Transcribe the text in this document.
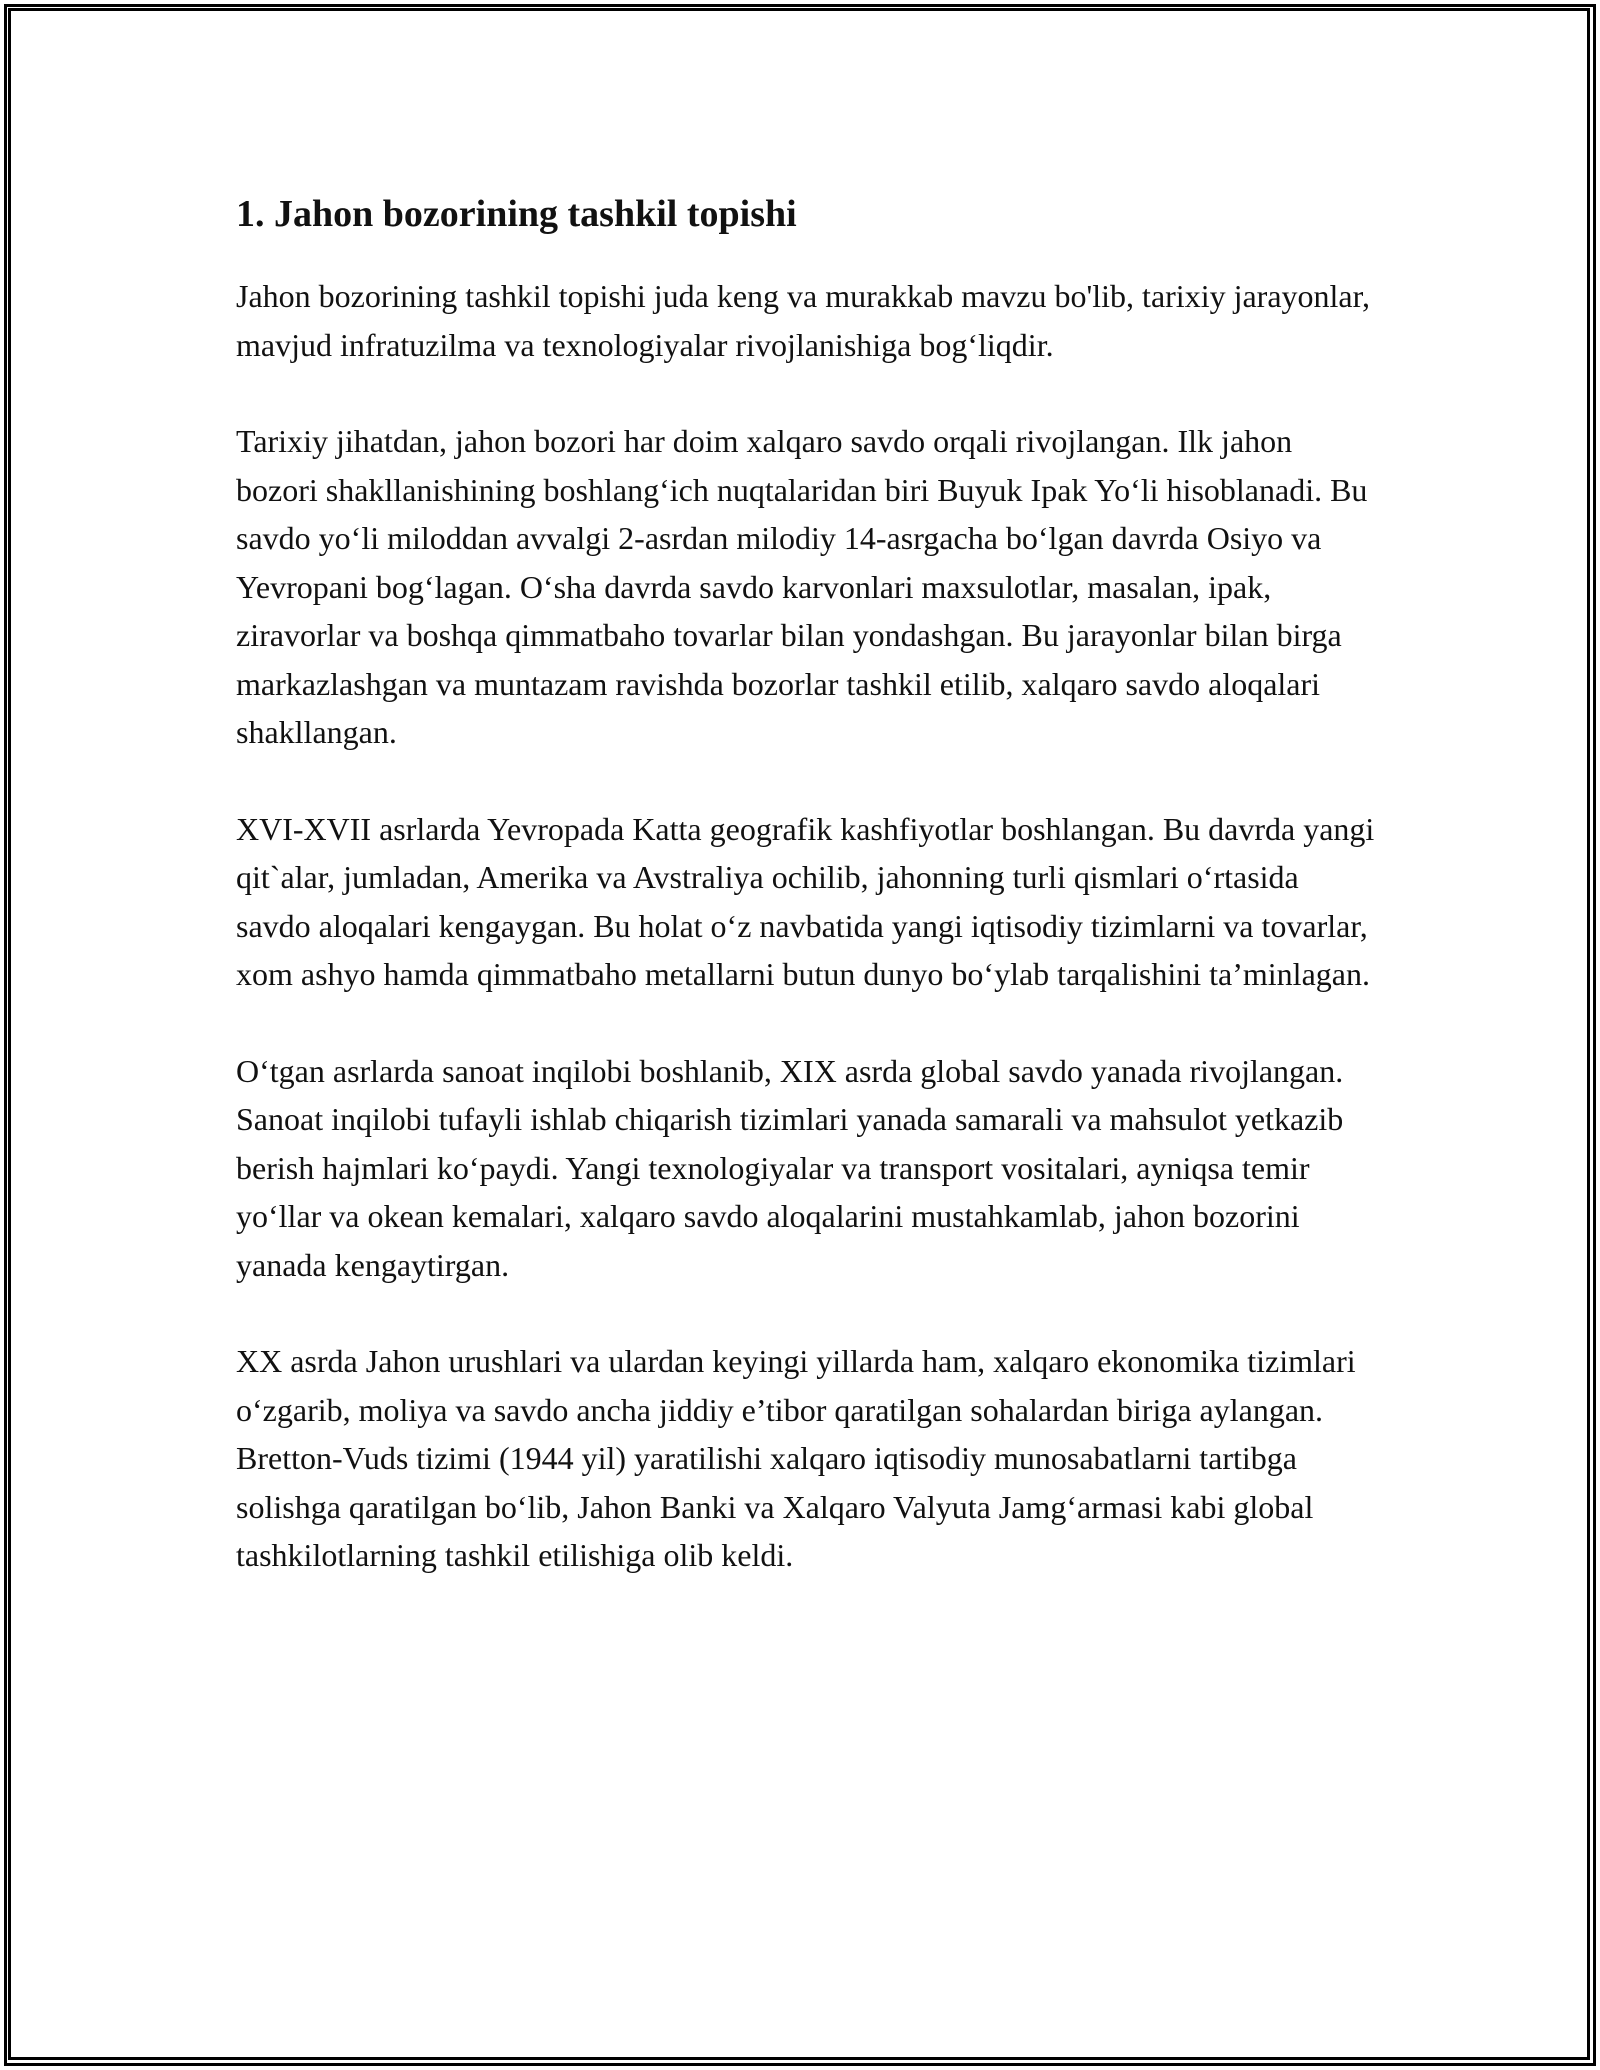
1. Jahon bozorining tashkil topishi

Jahon bozorining tashkil topishi juda keng va murakkab mavzu bo'lib, tarixiy jarayonlar, mavjud infratuzilma va texnologiyalar rivojlanishiga bog‘liqdir.

Tarixiy jihatdan, jahon bozori har doim xalqaro savdo orqali rivojlangan. Ilk jahon bozori shakllanishining boshlang‘ich nuqtalaridan biri Buyuk Ipak Yo‘li hisoblanadi. Bu savdo yo‘li miloddan avvalgi 2-asrdan milodiy 14-asrgacha bo‘lgan davrda Osiyo va Yevropani bog‘lagan. O‘sha davrda savdo karvonlari maxsulotlar, masalan, ipak, ziravorlar va boshqa qimmatbaho tovarlar bilan yondashgan. Bu jarayonlar bilan birga markazlashgan va muntazam ravishda bozorlar tashkil etilib, xalqaro savdo aloqalari shakllangan.

XVI-XVII asrlarda Yevropada Katta geografik kashfiyotlar boshlangan. Bu davrda yangi qit`alar, jumladan, Amerika va Avstraliya ochilib, jahonning turli qismlari o‘rtasida savdo aloqalari kengaygan. Bu holat o‘z navbatida yangi iqtisodiy tizimlarni va tovarlar, xom ashyo hamda qimmatbaho metallarni butun dunyo bo‘ylab tarqalishini ta’minlagan.

O‘tgan asrlarda sanoat inqilobi boshlanib, XIX asrda global savdo yanada rivojlangan. Sanoat inqilobi tufayli ishlab chiqarish tizimlari yanada samarali va mahsulot yetkazib berish hajmlari ko‘paydi. Yangi texnologiyalar va transport vositalari, ayniqsa temir yo‘llar va okean kemalari, xalqaro savdo aloqalarini mustahkamlab, jahon bozorini yanada kengaytirgan.

XX asrda Jahon urushlari va ulardan keyingi yillarda ham, xalqaro ekonomika tizimlari o‘zgarib, moliya va savdo ancha jiddiy e’tibor qaratilgan sohalardan biriga aylangan. Bretton-Vuds tizimi (1944 yil) yaratilishi xalqaro iqtisodiy munosabatlarni tartibga solishga qaratilgan bo‘lib, Jahon Banki va Xalqaro Valyuta Jamg‘armasi kabi global tashkilotlarning tashkil etilishiga olib keldi.
